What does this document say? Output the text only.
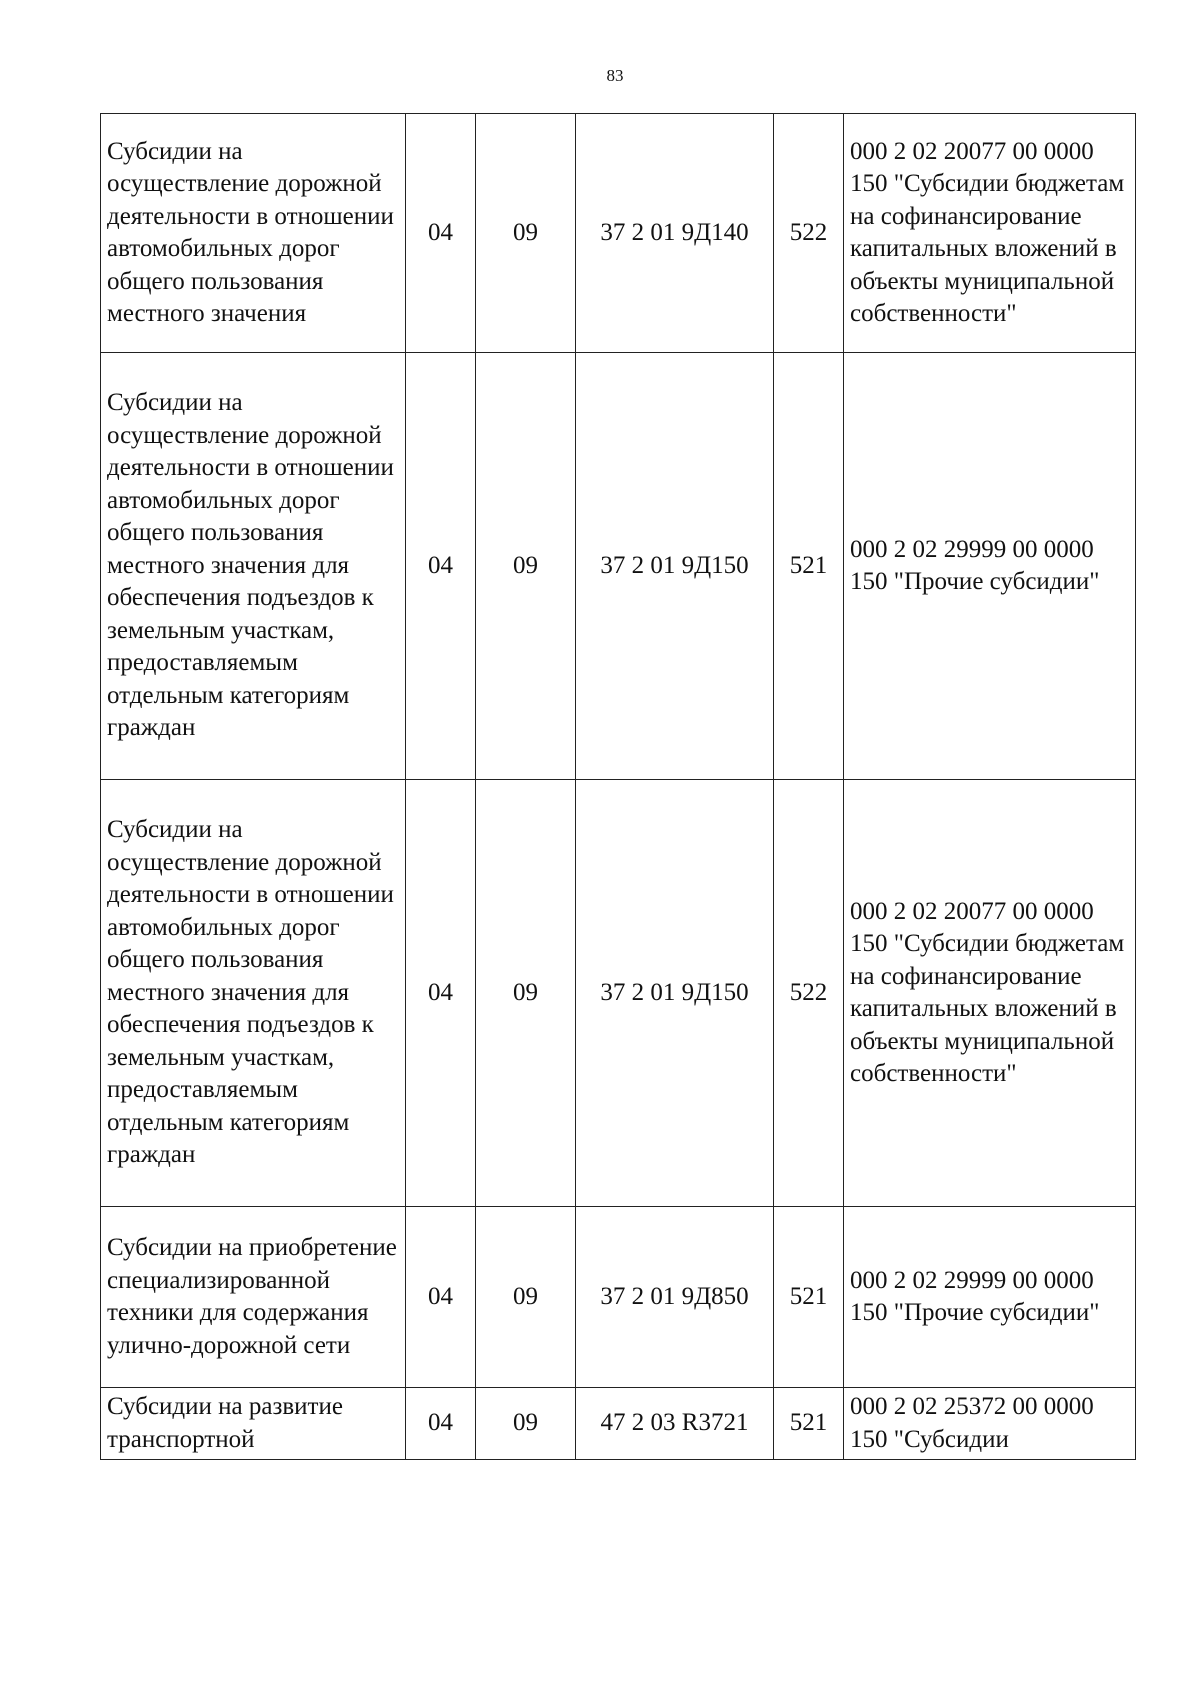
83
Субсидии на осуществление дорожной деятельности в отношении автомобильных дорог общего пользования местного значения	04	09	37 2 01 9Д140	522	000 2 02 20077 00 0000 150 "Субсидии бюджетам на софинансирование капитальных вложений в объекты муниципальной собственности"
Субсидии на осуществление дорожной деятельности в отношении автомобильных дорог общего пользования местного значения для обеспечения подъездов к земельным участкам, предоставляемым отдельным категориям граждан	04	09	37 2 01 9Д150	521	000 2 02 29999 00 0000 150 "Прочие субсидии"
Субсидии на осуществление дорожной деятельности в отношении автомобильных дорог общего пользования местного значения для обеспечения подъездов к земельным участкам, предоставляемым отдельным категориям граждан	04	09	37 2 01 9Д150	522	000 2 02 20077 00 0000 150 "Субсидии бюджетам на софинансирование капитальных вложений в объекты муниципальной собственности"
Субсидии на приобретение специализированной техники для содержания улично-дорожной сети	04	09	37 2 01 9Д850	521	000 2 02 29999 00 0000 150 "Прочие субсидии"
Субсидии на развитие транспортной	04	09	47 2 03 R3721	521	000 2 02 25372 00 0000 150 "Субсидии
